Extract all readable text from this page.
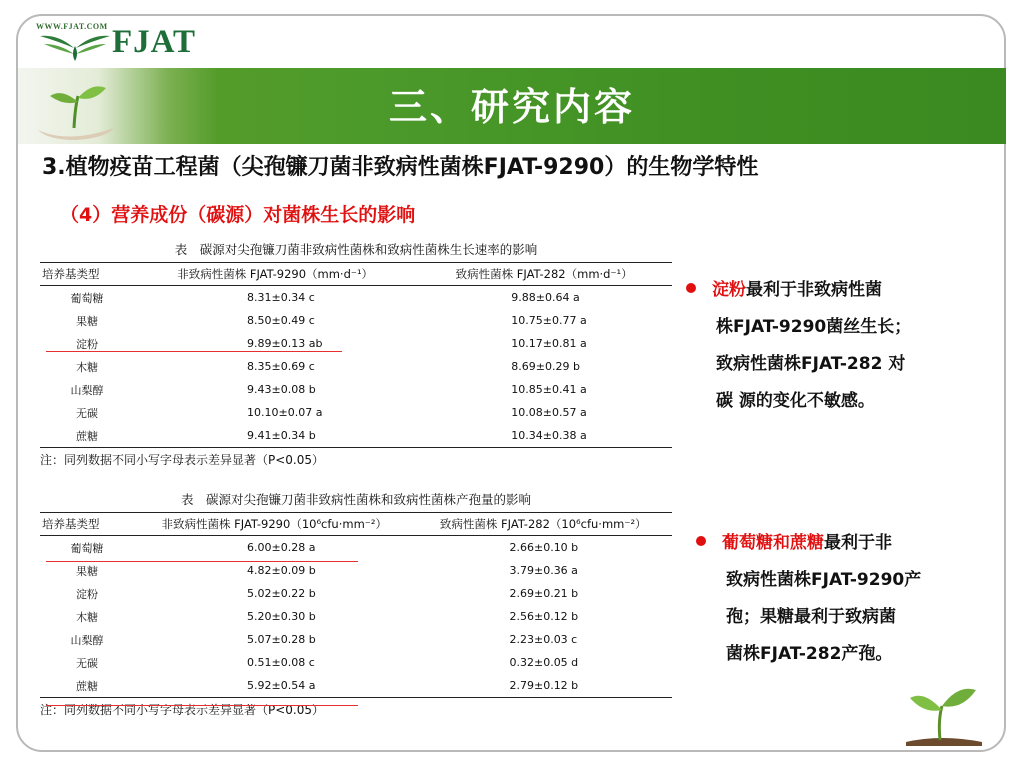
WWW.FJAT.COM FJAT
三、研究内容
3.植物疫苗工程菌（尖孢镰刀菌非致病性菌株FJAT-9290）的生物学特性
（4）营养成份（碳源）对菌株生长的影响
表　碳源对尖孢镰刀菌非致病性菌株和致病性菌株生长速率的影响
培养基类型	非致病性菌株 FJAT-9290（mm·d⁻¹）	致病性菌株 FJAT-282（mm·d⁻¹）
葡萄糖	8.31±0.34 c	9.88±0.64 a
果糖	8.50±0.49 c	10.75±0.77 a
淀粉	9.89±0.13 ab	10.17±0.81 a
木糖	8.35±0.69 c	8.69±0.29 b
山梨醇	9.43±0.08 b	10.85±0.41 a
无碳	10.10±0.07 a	10.08±0.57 a
蔗糖	9.41±0.34 b	10.34±0.38 a
注：同列数据不同小写字母表示差异显著（P<0.05）
表　碳源对尖孢镰刀菌非致病性菌株和致病性菌株产孢量的影响
培养基类型	非致病性菌株 FJAT-9290（10⁶cfu·mm⁻²）	致病性菌株 FJAT-282（10⁶cfu·mm⁻²）
葡萄糖	6.00±0.28 a	2.66±0.10 b
果糖	4.82±0.09 b	3.79±0.36 a
淀粉	5.02±0.22 b	2.69±0.21 b
木糖	5.20±0.30 b	2.56±0.12 b
山梨醇	5.07±0.28 b	2.23±0.03 c
无碳	0.51±0.08 c	0.32±0.05 d
蔗糖	5.92±0.54 a	2.79±0.12 b
注：同列数据不同小写字母表示差异显著（P<0.05）
淀粉最利于非致病性菌
株FJAT-9290菌丝生长；
致病性菌株FJAT-282 对
碳 源的变化不敏感。
葡萄糖和蔗糖最利于非
致病性菌株FJAT-9290产
孢；果糖最利于致病菌
菌株FJAT-282产孢。
